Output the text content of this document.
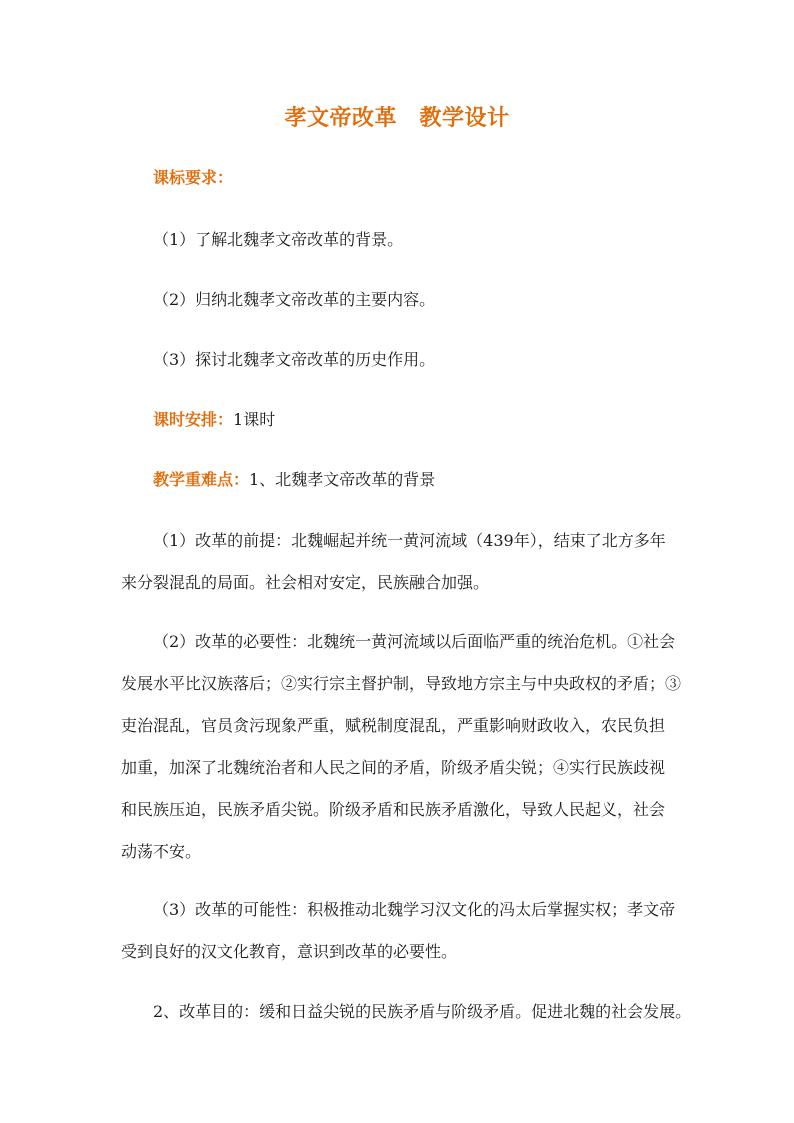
孝文帝改革　教学设计
课标要求：
（1）了解北魏孝文帝改革的背景。
（2）归纳北魏孝文帝改革的主要内容。
（3）探讨北魏孝文帝改革的历史作用。
课时安排：1课时
教学重难点：1、北魏孝文帝改革的背景
（1）改革的前提：北魏崛起并统一黄河流域（439年），结束了北方多年
来分裂混乱的局面。社会相对安定，民族融合加强。
（2）改革的必要性：北魏统一黄河流域以后面临严重的统治危机。①社会
发展水平比汉族落后；②实行宗主督护制，导致地方宗主与中央政权的矛盾；③
吏治混乱，官员贪污现象严重，赋税制度混乱，严重影响财政收入，农民负担
加重，加深了北魏统治者和人民之间的矛盾，阶级矛盾尖锐；④实行民族歧视
和民族压迫，民族矛盾尖锐。阶级矛盾和民族矛盾激化，导致人民起义，社会
动荡不安。
（3）改革的可能性：积极推动北魏学习汉文化的冯太后掌握实权；孝文帝
受到良好的汉文化教育，意识到改革的必要性。
2、改革目的：缓和日益尖锐的民族矛盾与阶级矛盾。促进北魏的社会发展。
